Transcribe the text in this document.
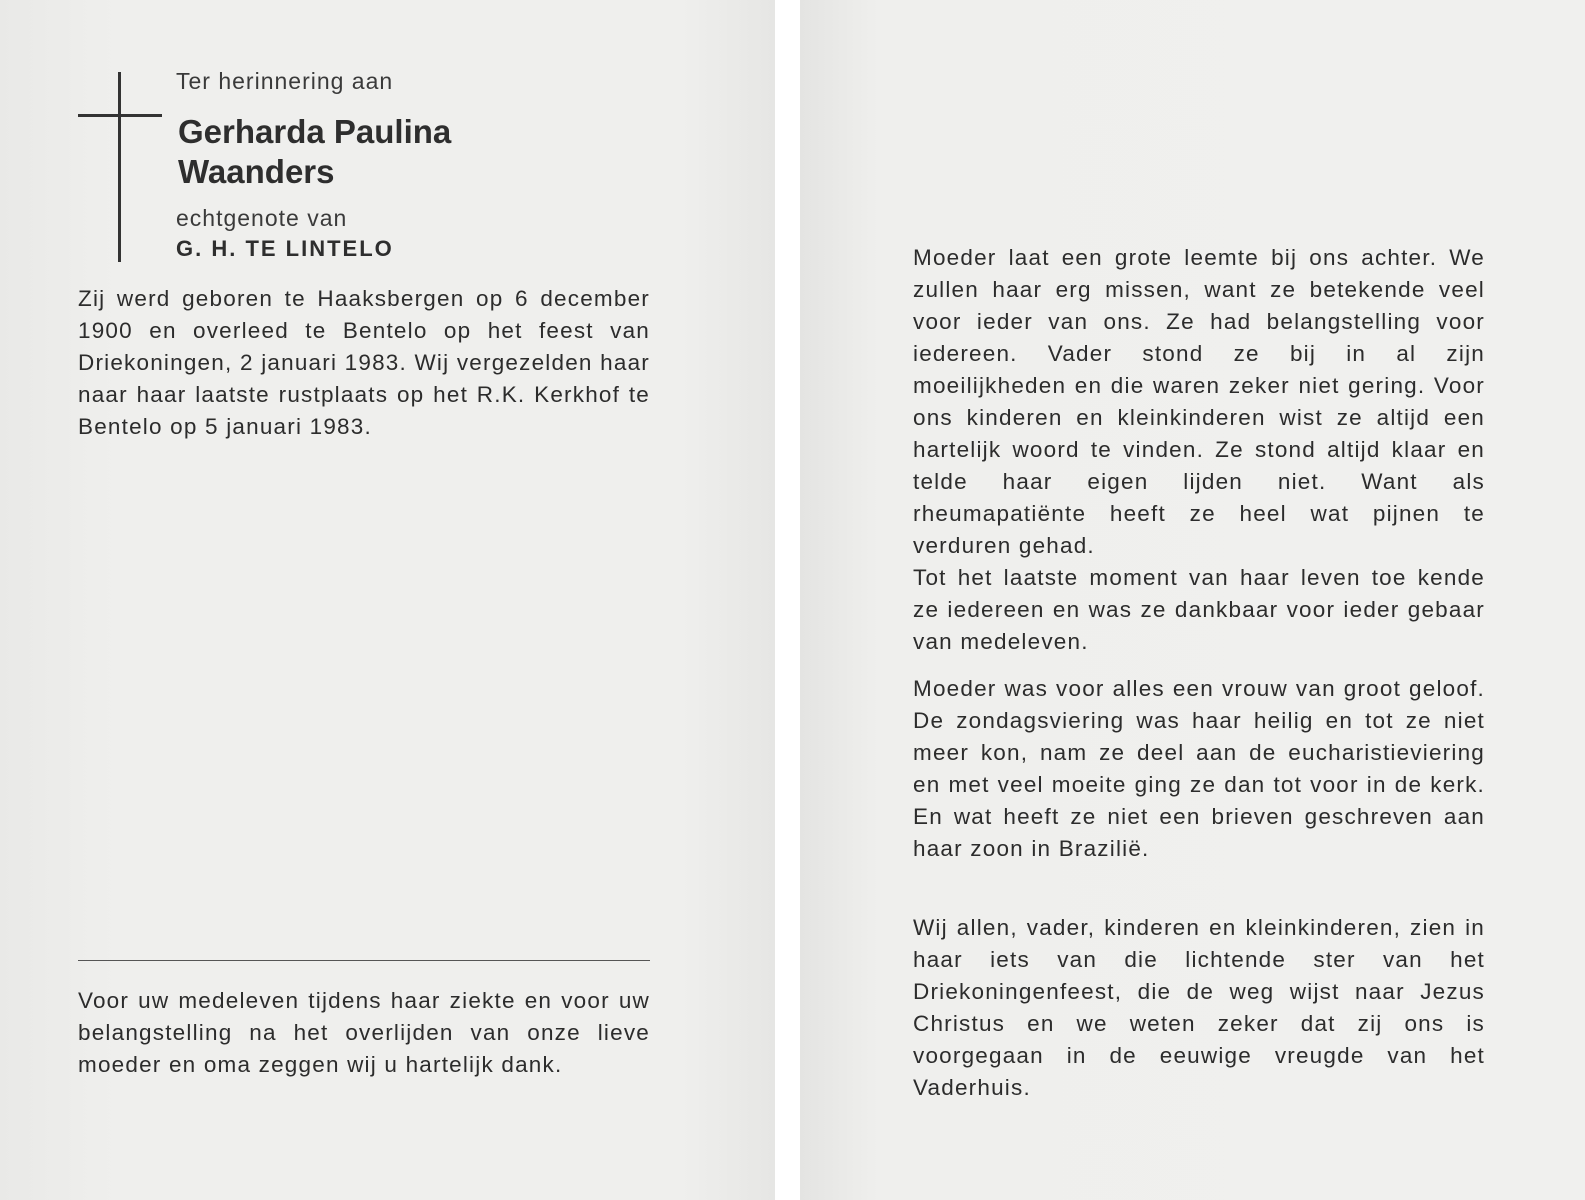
Ter herinnering aan
Gerharda Paulina
Waanders
echtgenote van
G. H. TE LINTELO
Zij werd geboren te Haaksbergen op 6 december 1900 en overleed te Bentelo op het feest van Driekoningen, 2 januari 1983. Wij vergezelden haar naar haar laatste rustplaats op het R.K. Kerkhof te Bentelo op 5 januari 1983.
Voor uw medeleven tijdens haar ziekte en voor uw belangstelling na het overlijden van onze lieve moeder en oma zeggen wij u hartelijk dank.
Moeder laat een grote leemte bij ons achter. We zullen haar erg missen, want ze betekende veel voor ieder van ons. Ze had belangstelling voor iedereen. Vader stond ze bij in al zijn moeilijkheden en die waren zeker niet gering. Voor ons kinderen en kleinkinderen wist ze altijd een hartelijk woord te vinden. Ze stond altijd klaar en telde haar eigen lijden niet. Want als rheumapatiënte heeft ze heel wat pijnen te verduren gehad.
Tot het laatste moment van haar leven toe kende ze iedereen en was ze dankbaar voor ieder gebaar van medeleven.
Moeder was voor alles een vrouw van groot geloof. De zondagsviering was haar heilig en tot ze niet meer kon, nam ze deel aan de eucharistieviering en met veel moeite ging ze dan tot voor in de kerk. En wat heeft ze niet een brieven geschreven aan haar zoon in Brazilië.
Wij allen, vader, kinderen en kleinkinderen, zien in haar iets van die lichtende ster van het Driekoningenfeest, die de weg wijst naar Jezus Christus en we weten zeker dat zij ons is voorgegaan in de eeuwige vreugde van het Vaderhuis.
